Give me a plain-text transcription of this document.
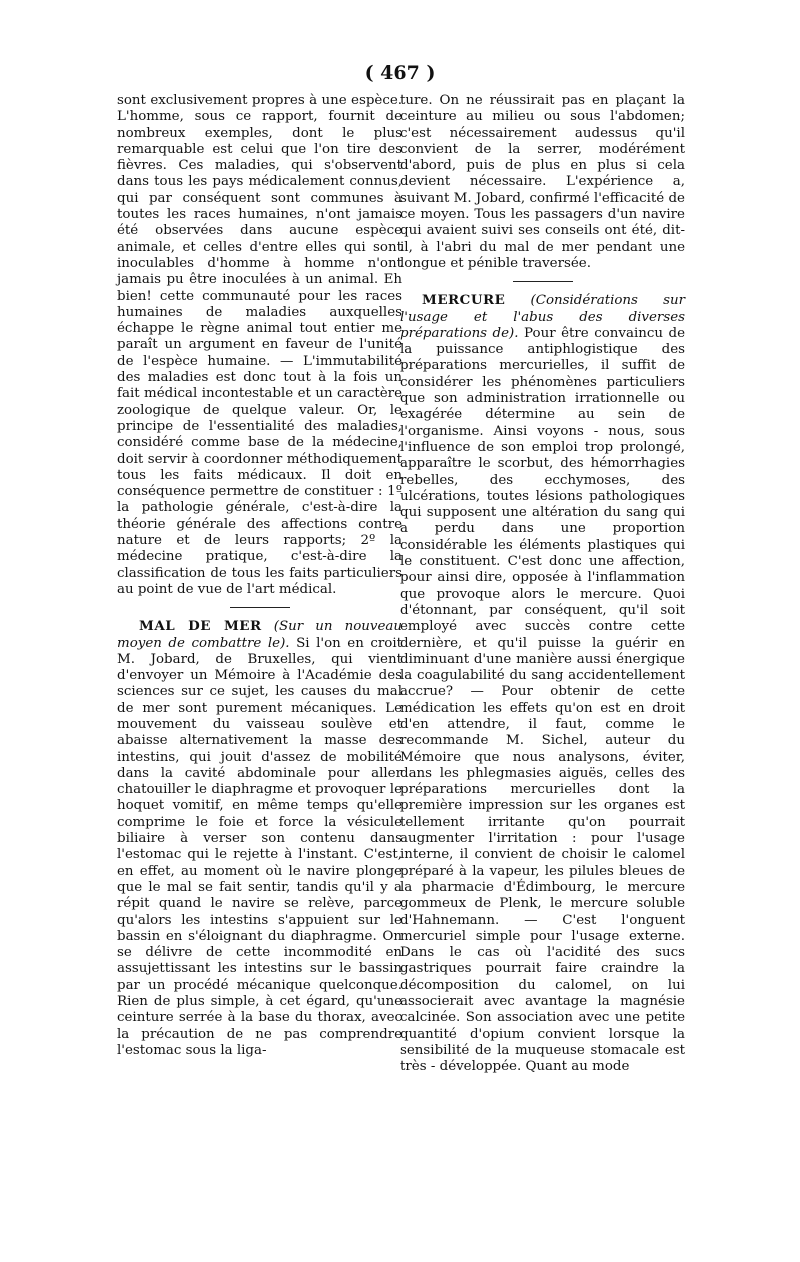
( 467 )

sont exclusivement propres à une espèce. L'homme, sous ce rapport, fournit de nombreux exemples, dont le plus remarquable est celui que l'on tire des fièvres. Ces maladies, qui s'observent dans tous les pays médicalement connus, qui par conséquent sont communes à toutes les races humaines, n'ont jamais été observées dans aucune espèce animale, et celles d'entre elles qui sont inoculables d'homme à homme n'ont jamais pu être inoculées à un animal. Eh bien! cette communauté pour les races humaines de maladies auxquelles échappe le règne animal tout entier me paraît un argument en faveur de l'unité de l'espèce humaine. — L'immutabilité des maladies est donc tout à la fois un fait médical incontestable et un caractère zoologique de quelque valeur. Or, le principe de l'essentialité des maladies, considéré comme base de la médecine, doit servir à coordonner méthodiquement tous les faits médicaux. Il doit en conséquence permettre de constituer : 1º la pathologie générale, c'est-à-dire la théorie générale des affections contre nature et de leurs rapports; 2º la médecine pratique, c'est-à-dire la classification de tous les faits particuliers au point de vue de l'art médical.

MAL DE MER (Sur un nouveau moyen de combattre le). Si l'on en croit M. Jobard, de Bruxelles, qui vient d'envoyer un Mémoire à l'Académie des sciences sur ce sujet, les causes du mal de mer sont purement mécaniques. Le mouvement du vaisseau soulève et abaisse alternativement la masse des intestins, qui jouit d'assez de mobilité dans la cavité abdominale pour aller chatouiller le diaphragme et provoquer le hoquet vomitif, en même temps qu'elle comprime le foie et force la vésicule biliaire à verser son contenu dans l'estomac qui le rejette à l'instant. C'est, en effet, au moment où le navire plonge que le mal se fait sentir, tandis qu'il y a répit quand le navire se relève, parce qu'alors les intestins s'appuient sur le bassin en s'éloignant du diaphragme. On se délivre de cette incommodité en assujettissant les intestins sur le bassin par un procédé mécanique quelconque. Rien de plus simple, à cet égard, qu'une ceinture serrée à la base du thorax, avec la précaution de ne pas comprendre l'estomac sous la liga-

ture. On ne réussirait pas en plaçant la ceinture au milieu ou sous l'abdomen; c'est nécessairement audessus qu'il convient de la serrer, modérément d'abord, puis de plus en plus si cela devient nécessaire. L'expérience a, suivant M. Jobard, confirmé l'efficacité de ce moyen. Tous les passagers d'un navire qui avaient suivi ses conseils ont été, dit-il, à l'abri du mal de mer pendant une longue et pénible traversée.

MERCURE (Considérations sur l'usage et l'abus des diverses préparations de). Pour être convaincu de la puissance antiphlogistique des préparations mercurielles, il suffit de considérer les phénomènes particuliers que son administration irrationnelle ou exagérée détermine au sein de l'organisme. Ainsi voyons - nous, sous l'influence de son emploi trop prolongé, apparaître le scorbut, des hémorrhagies rebelles, des ecchymoses, des ulcérations, toutes lésions pathologiques qui supposent une altération du sang qui a perdu dans une proportion considérable les éléments plastiques qui le constituent. C'est donc une affection, pour ainsi dire, opposée à l'inflammation que provoque alors le mercure. Quoi d'étonnant, par conséquent, qu'il soit employé avec succès contre cette dernière, et qu'il puisse la guérir en diminuant d'une manière aussi énergique la coagulabilité du sang accidentellement accrue? — Pour obtenir de cette médication les effets qu'on est en droit d'en attendre, il faut, comme le recommande M. Sichel, auteur du Mémoire que nous analysons, éviter, dans les phlegmasies aiguës, celles des préparations mercurielles dont la première impression sur les organes est tellement irritante qu'on pourrait augmenter l'irritation : pour l'usage interne, il convient de choisir le calomel préparé à la vapeur, les pilules bleues de la pharmacie d'Édimbourg, le mercure gommeux de Plenk, le mercure soluble d'Hahnemann. — C'est l'onguent mercuriel simple pour l'usage externe. Dans le cas où l'acidité des sucs gastriques pourrait faire craindre la décomposition du calomel, on lui associerait avec avantage la magnésie calcinée. Son association avec une petite quantité d'opium convient lorsque la sensibilité de la muqueuse stomacale est très - développée. Quant au mode
